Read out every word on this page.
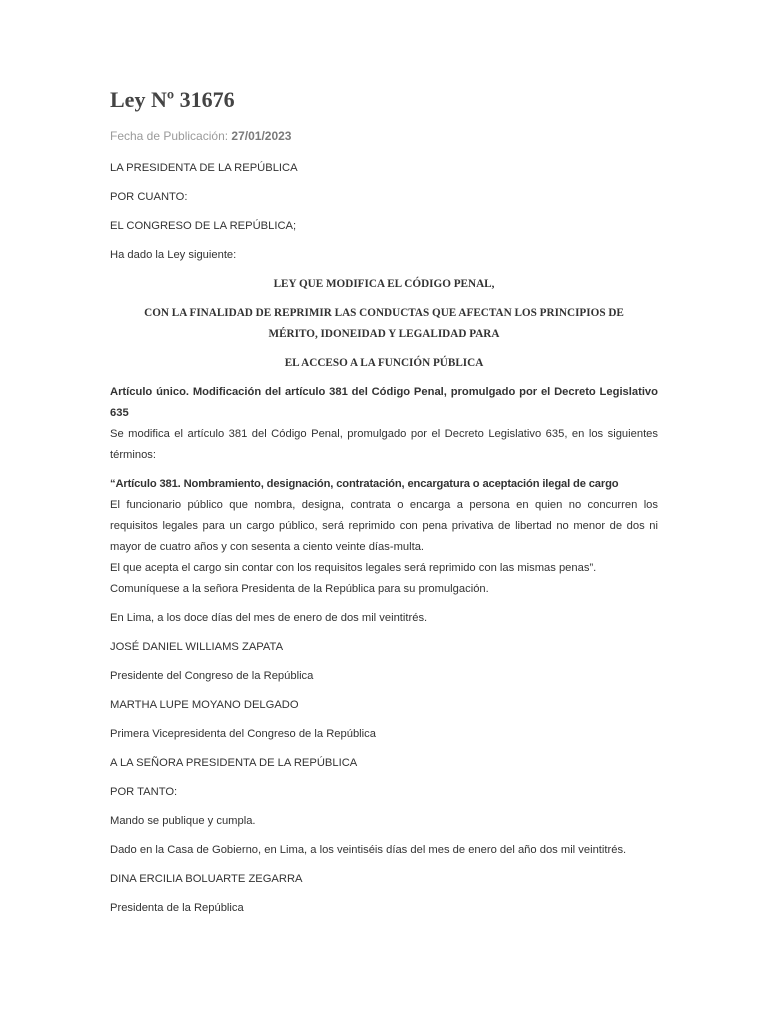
Ley Nº 31676
Fecha de Publicación: 27/01/2023

LA PRESIDENTA DE LA REPÚBLICA

POR CUANTO:

EL CONGRESO DE LA REPÚBLICA;

Ha dado la Ley siguiente:

LEY QUE MODIFICA EL CÓDIGO PENAL,

CON LA FINALIDAD DE REPRIMIR LAS CONDUCTAS QUE AFECTAN LOS PRINCIPIOS DE MÉRITO, IDONEIDAD Y LEGALIDAD PARA

EL ACCESO A LA FUNCIÓN PÚBLICA

Artículo único. Modificación del artículo 381 del Código Penal, promulgado por el Decreto Legislativo 635

Se modifica el artículo 381 del Código Penal, promulgado por el Decreto Legislativo 635, en los siguientes términos:

“Artículo 381. Nombramiento, designación, contratación, encargatura o aceptación ilegal de cargo

El funcionario público que nombra, designa, contrata o encarga a persona en quien no concurren los requisitos legales para un cargo público, será reprimido con pena privativa de libertad no menor de dos ni mayor de cuatro años y con sesenta a ciento veinte días-multa.

El que acepta el cargo sin contar con los requisitos legales será reprimido con las mismas penas”.

Comuníquese a la señora Presidenta de la República para su promulgación.

En Lima, a los doce días del mes de enero de dos mil veintitrés.

JOSÉ DANIEL WILLIAMS ZAPATA

Presidente del Congreso de la República

MARTHA LUPE MOYANO DELGADO

Primera Vicepresidenta del Congreso de la República

A LA SEÑORA PRESIDENTA DE LA REPÚBLICA

POR TANTO:

Mando se publique y cumpla.

Dado en la Casa de Gobierno, en Lima, a los veintiséis días del mes de enero del año dos mil veintitrés.

DINA ERCILIA BOLUARTE ZEGARRA

Presidenta de la República
